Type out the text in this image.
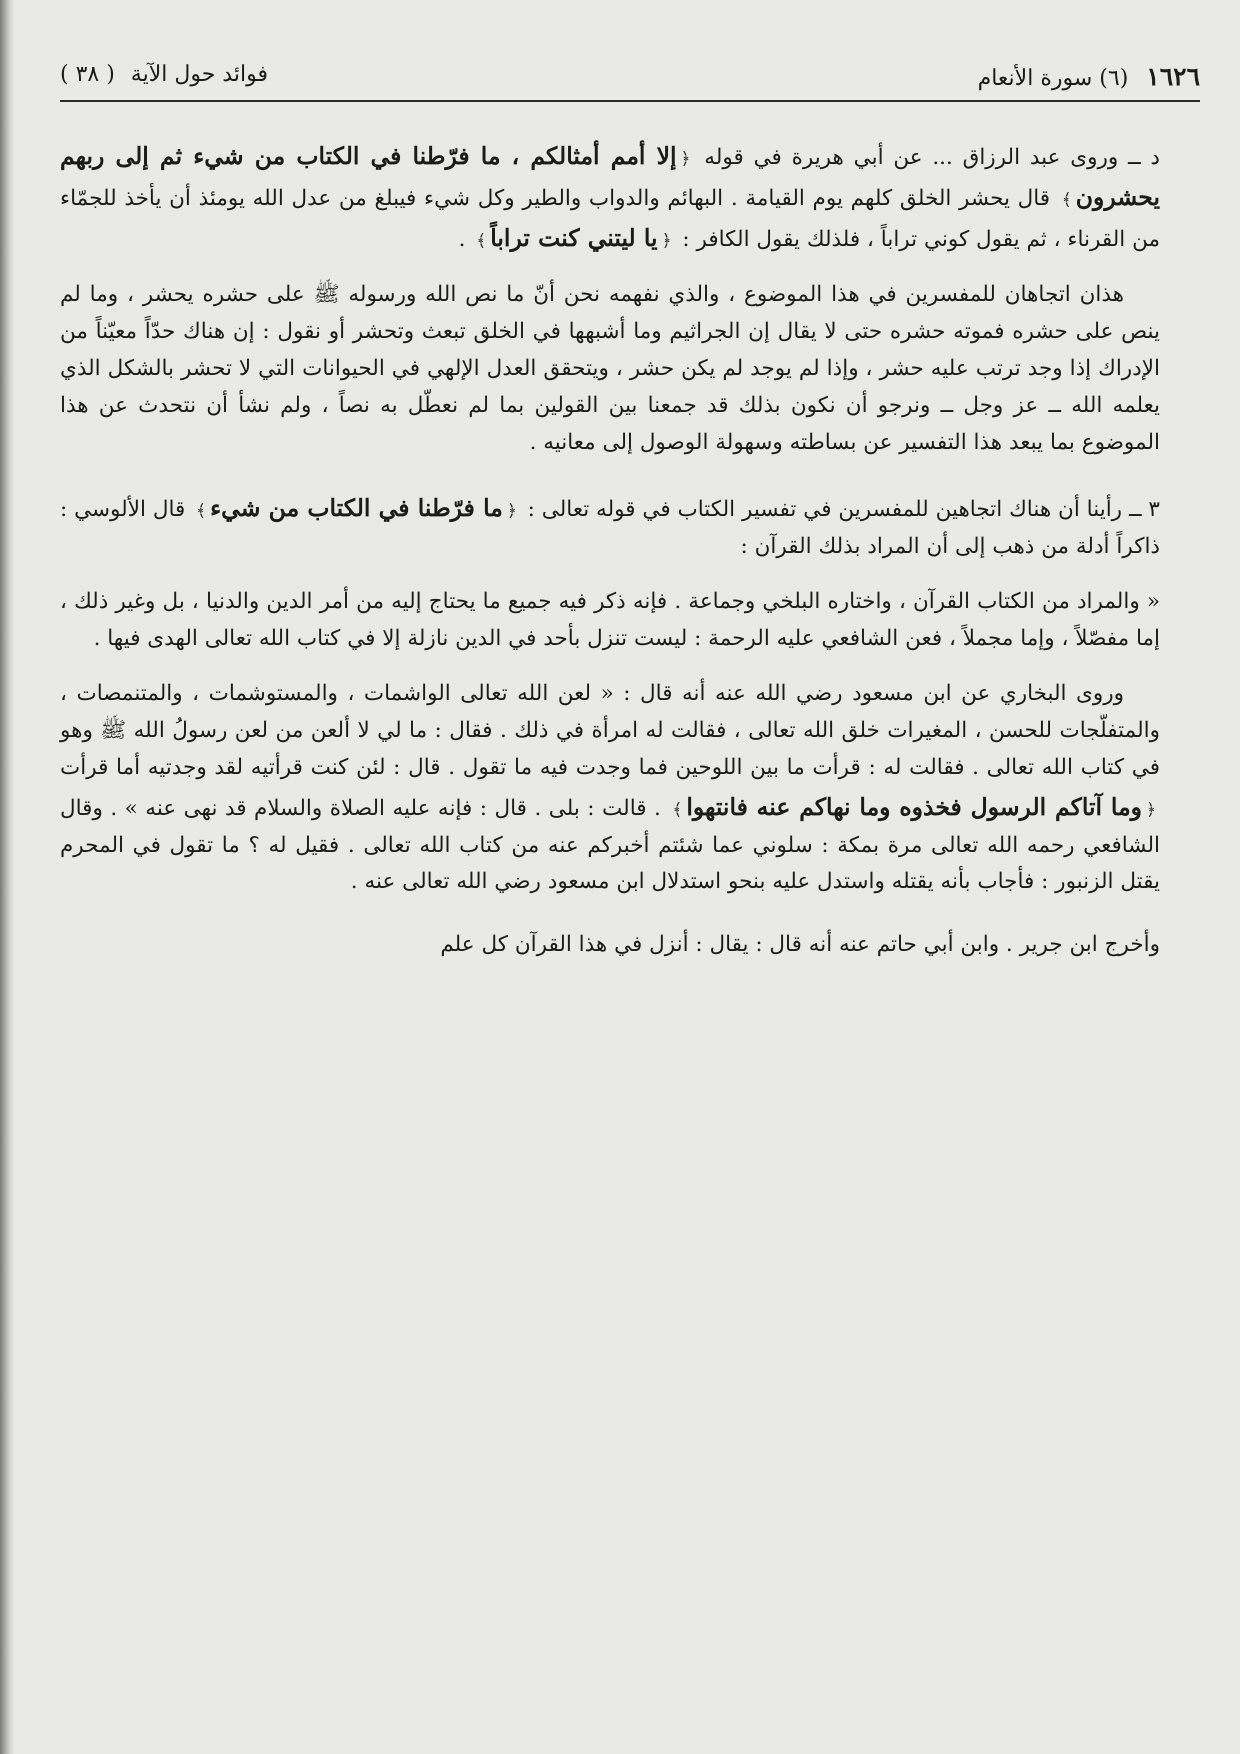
١٦٢٦
(٦) سورة الأنعام
فوائد حول الآية
( ٣٨ )

د ــ وروى عبد الرزاق ... عن أبي هريرة في قوله ﴿إلا أمم أمثالكم ، ما فرّطنا في الكتاب من شيء ثم إلى ربهم يحشرون﴾ قال يحشر الخلق كلهم يوم القيامة . البهائم والدواب والطير وكل شيء فيبلغ من عدل الله يومئذ أن يأخذ للجمّاء من القرناء ، ثم يقول كوني تراباً ، فلذلك يقول الكافر : ﴿يا ليتني كنت تراباً﴾ .

هذان اتجاهان للمفسرين في هذا الموضوع ، والذي نفهمه نحن أنّ ما نص الله ورسوله ﷺ على حشره يحشر ، وما لم ينص على حشره فموته حشره حتى لا يقال إن الجراثيم وما أشبهها في الخلق تبعث وتحشر أو نقول : إن هناك حدّاً معيّناً من الإدراك إذا وجد ترتب عليه حشر ، وإذا لم يوجد لم يكن حشر ، ويتحقق العدل الإلهي في الحيوانات التي لا تحشر بالشكل الذي يعلمه الله ــ عز وجل ــ ونرجو أن نكون بذلك قد جمعنا بين القولين بما لم نعطّل به نصاً ، ولم نشأ أن نتحدث عن هذا الموضوع بما يبعد هذا التفسير عن بساطته وسهولة الوصول إلى معانيه .

٣ ــ رأينا أن هناك اتجاهين للمفسرين في تفسير الكتاب في قوله تعالى : ﴿ما فرّطنا في الكتاب من شيء﴾ قال الألوسي : ذاكراً أدلة من ذهب إلى أن المراد بذلك القرآن :

« والمراد من الكتاب القرآن ، واختاره البلخي وجماعة . فإنه ذكر فيه جميع ما يحتاج إليه من أمر الدين والدنيا ، بل وغير ذلك ، إما مفصّلاً ، وإما مجملاً ، فعن الشافعي عليه الرحمة : ليست تنزل بأحد في الدين نازلة إلا في كتاب الله تعالى الهدى فيها .

وروى البخاري عن ابن مسعود رضي الله عنه أنه قال : « لعن الله تعالى الواشمات ، والمستوشمات ، والمتنمصات ، والمتفلّجات للحسن ، المغيرات خلق الله تعالى ، فقالت له امرأة في ذلك . فقال : ما لي لا ألعن من لعن رسولُ الله ﷺ وهو في كتاب الله تعالى . فقالت له : قرأت ما بين اللوحين فما وجدت فيه ما تقول . قال : لئن كنت قرأتيه لقد وجدتيه أما قرأت ﴿وما آتاكم الرسول فخذوه وما نهاكم عنه فانتهوا﴾ . قالت : بلى . قال : فإنه عليه الصلاة والسلام قد نهى عنه » . وقال الشافعي رحمه الله تعالى مرة بمكة : سلوني عما شئتم أخبركم عنه من كتاب الله تعالى . فقيل له ؟ ما تقول في المحرم يقتل الزنبور : فأجاب بأنه يقتله واستدل عليه بنحو استدلال ابن مسعود رضي الله تعالى عنه .

وأخرج ابن جرير . وابن أبي حاتم عنه أنه قال : يقال : أنزل في هذا القرآن كل علم
